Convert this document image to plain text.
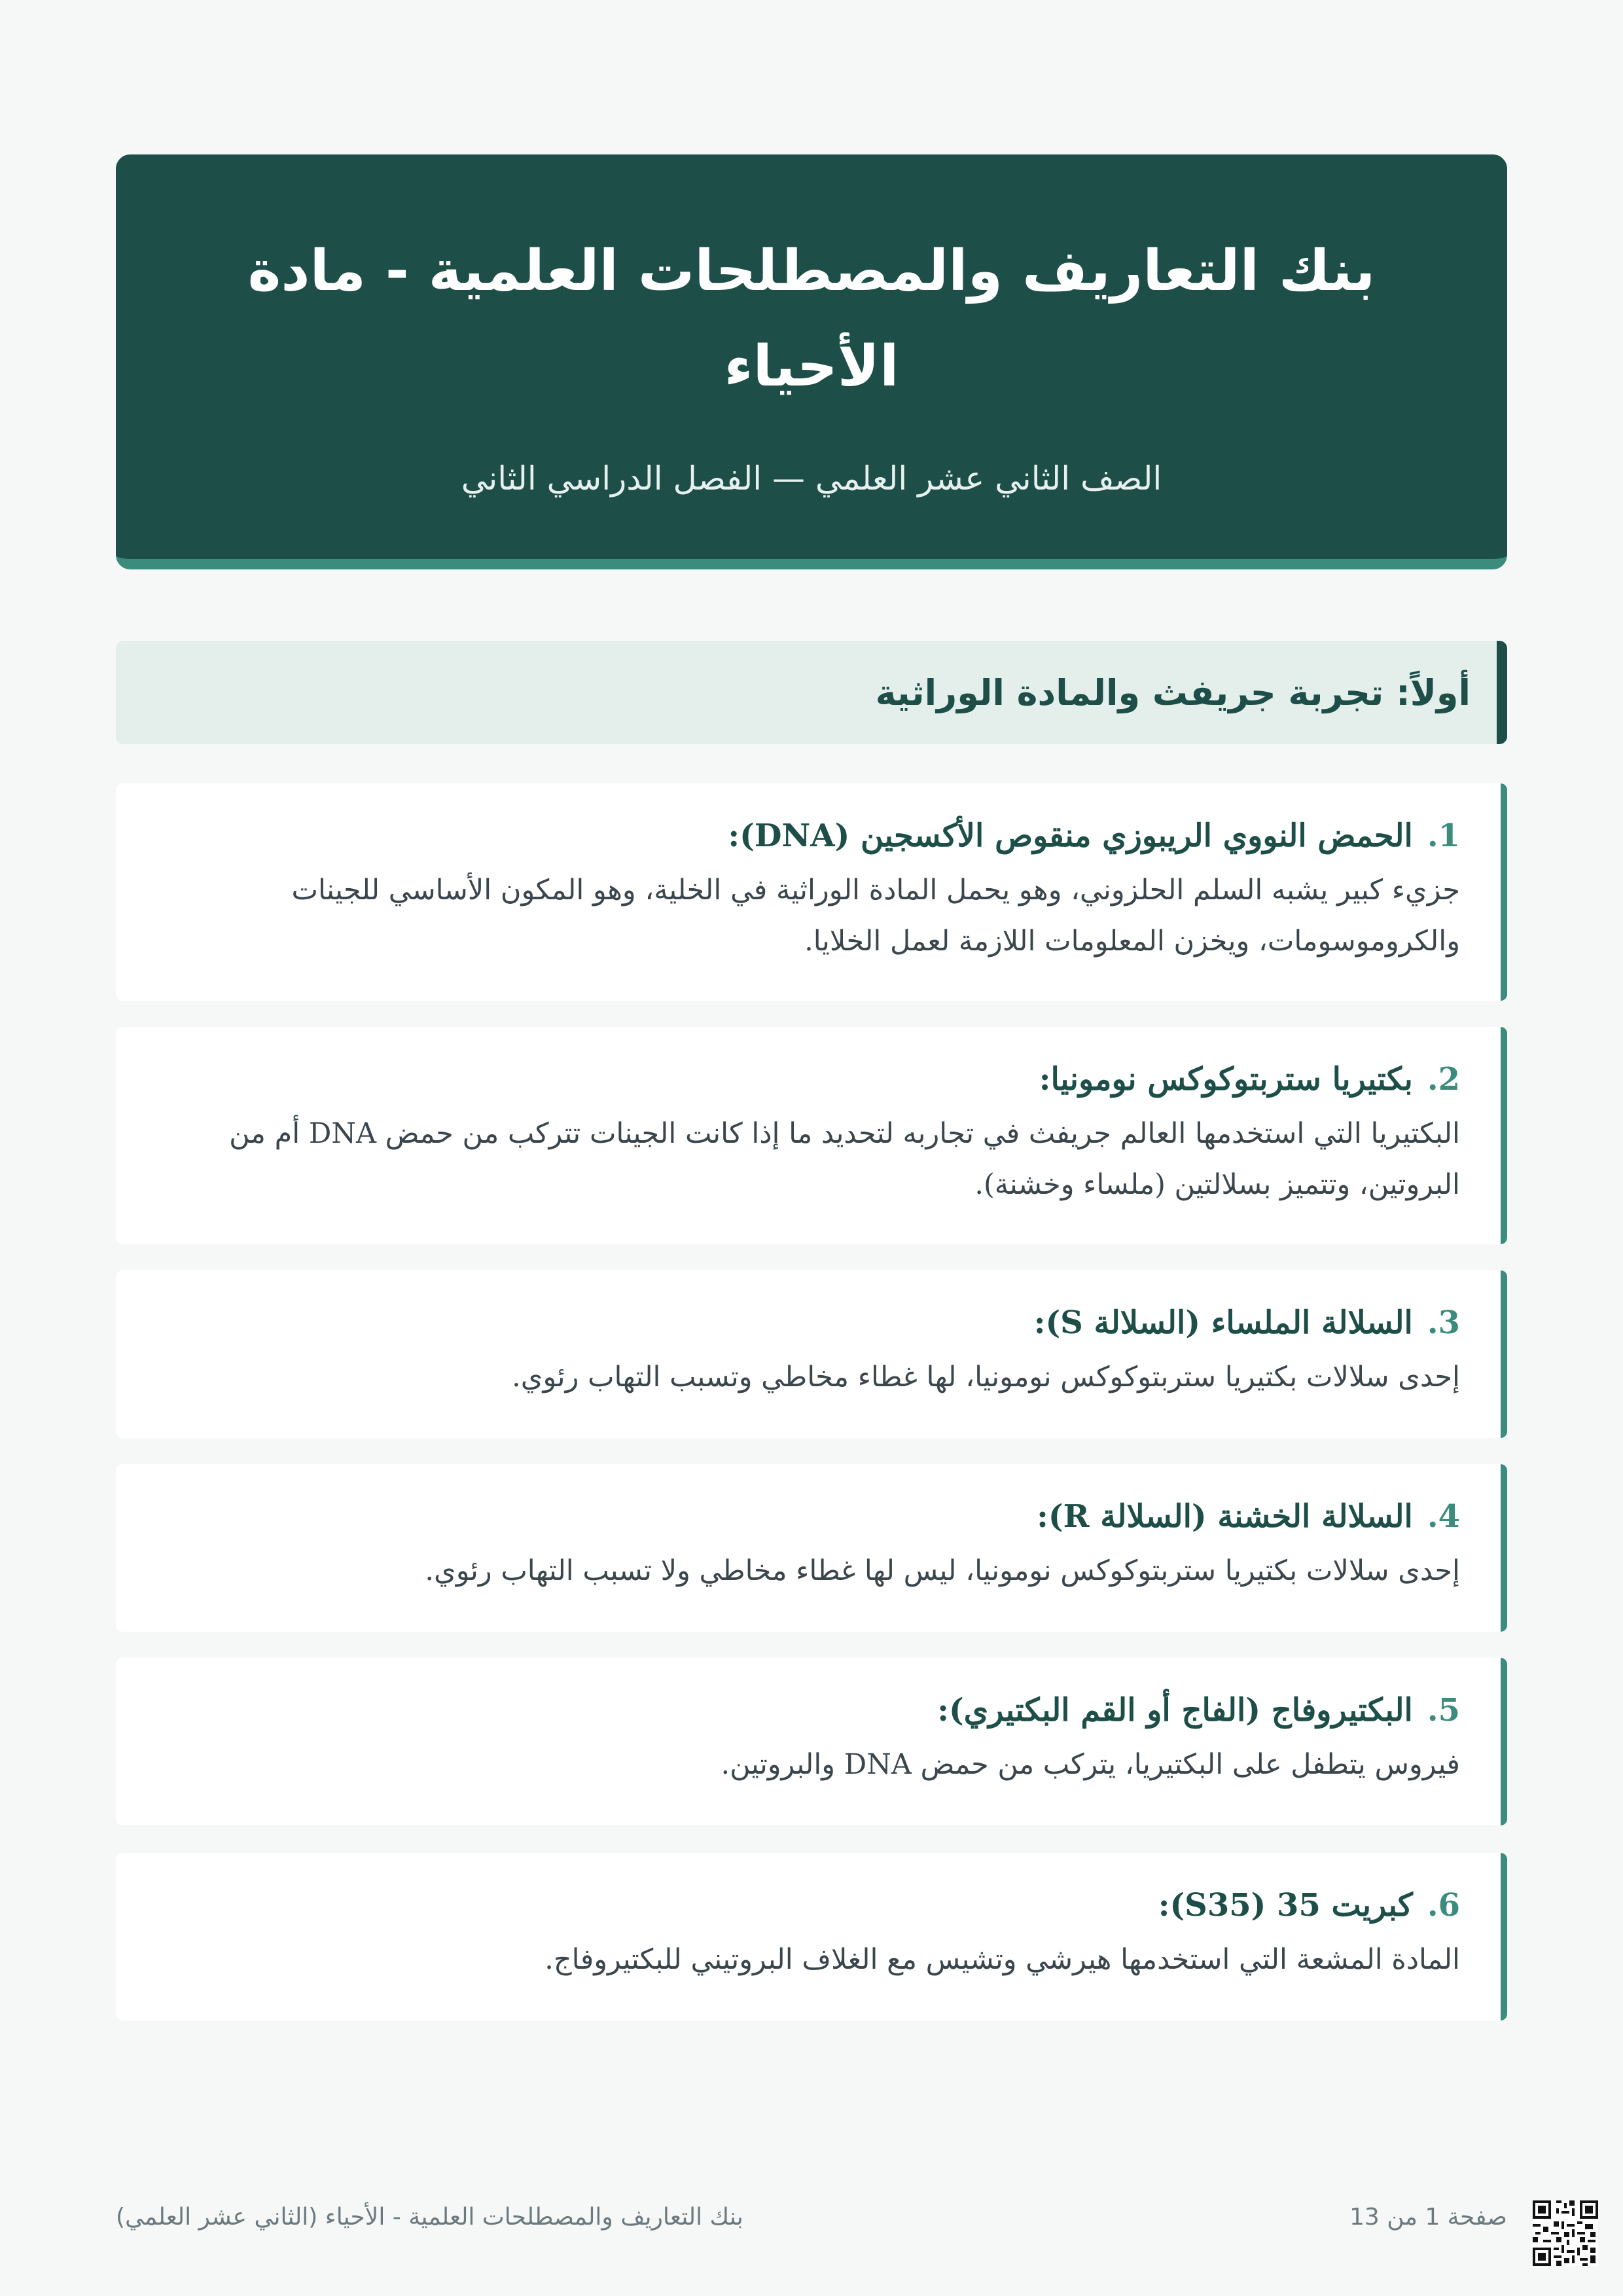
بنك التعاريف والمصطلحات العلمية - مادة الأحياء
الصف الثاني عشر العلمي — الفصل الدراسي الثاني
أولاً: تجربة جريفث والمادة الوراثية
1.الحمض النووي الريبوزي منقوص الأكسجين (DNA):
جزيء كبير يشبه السلم الحلزوني، وهو يحمل المادة الوراثية في الخلية، وهو المكون الأساسي للجينات والكروموسومات، ويخزن المعلومات اللازمة لعمل الخلايا.
2.بكتيريا ستربتوكوكس نومونيا:
البكتيريا التي استخدمها العالم جريفث في تجاربه لتحديد ما إذا كانت الجينات تتركب من حمض DNA أم من البروتين، وتتميز بسلالتين (ملساء وخشنة).
3.السلالة الملساء (السلالة S):
إحدى سلالات بكتيريا ستربتوكوكس نومونيا، لها غطاء مخاطي وتسبب التهاب رئوي.
4.السلالة الخشنة (السلالة R):
إحدى سلالات بكتيريا ستربتوكوكس نومونيا، ليس لها غطاء مخاطي ولا تسبب التهاب رئوي.
5.البكتيروفاج (الفاج أو القم البكتيري):
فيروس يتطفل على البكتيريا، يتركب من حمض DNA والبروتين.
6.كبريت 35 (S35):
المادة المشعة التي استخدمها هيرشي وتشيس مع الغلاف البروتيني للبكتيروفاج.
صفحة 1 من 13
بنك التعاريف والمصطلحات العلمية - الأحياء (الثاني عشر العلمي)
